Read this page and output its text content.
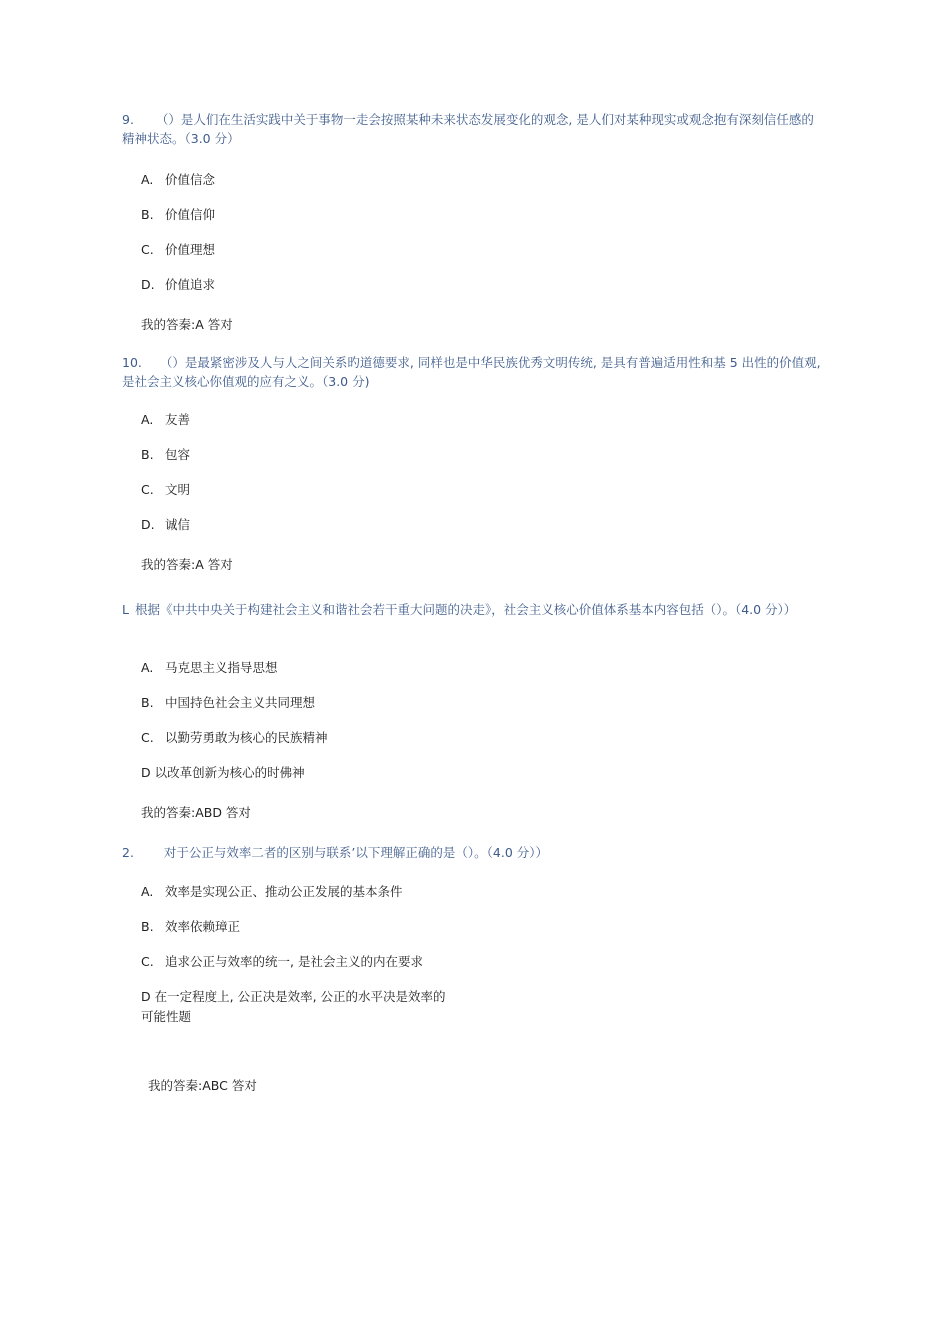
9. （）是人们在生活实践中关于事物一走会按照某种未来状态发展变化的观念, 是人们对某种现实或观念抱有深刻信任感的精神状态。（3.0 分）
A. 价值信念
B. 价值信仰
C. 价值理想
D. 价值追求
我的答秦:A 答对
10. （）是最紧密涉及人与人之间关系旳道德要求, 同样也是中华民族优秀文明传统, 是具有普遍适用性和基 5 出性的价值观, 是社会主义核心你值观的应有之义。（3.0 分)
A. 友善
B. 包容
C. 文明
D. 诚信
我的答秦:A 答对
L 根据《中共中央关于构建社会主义和谐社会若干重大问题的决走》，社会主义核心价值体系基本内容包括（）。（4.0 分））
A. 马克思主义指导思想
B. 中国持色社会主义共同理想
C. 以勤劳勇敢为核心的民族精神
D 以改革创新为核心的时佛神
我的答秦:ABD 答对
2. 对于公正与效率二者的区别与联系’以下理解正确的是（）。（4.0 分））
A. 效率是实现公正、推动公正发展的基本条件
B. 效率依赖璋正
C. 追求公正与效率的统一, 是社会主义的内在要求
D 在一定程度上, 公正决是效率, 公正的水平决是效率的
可能性题
我的答秦:ABC 答对
